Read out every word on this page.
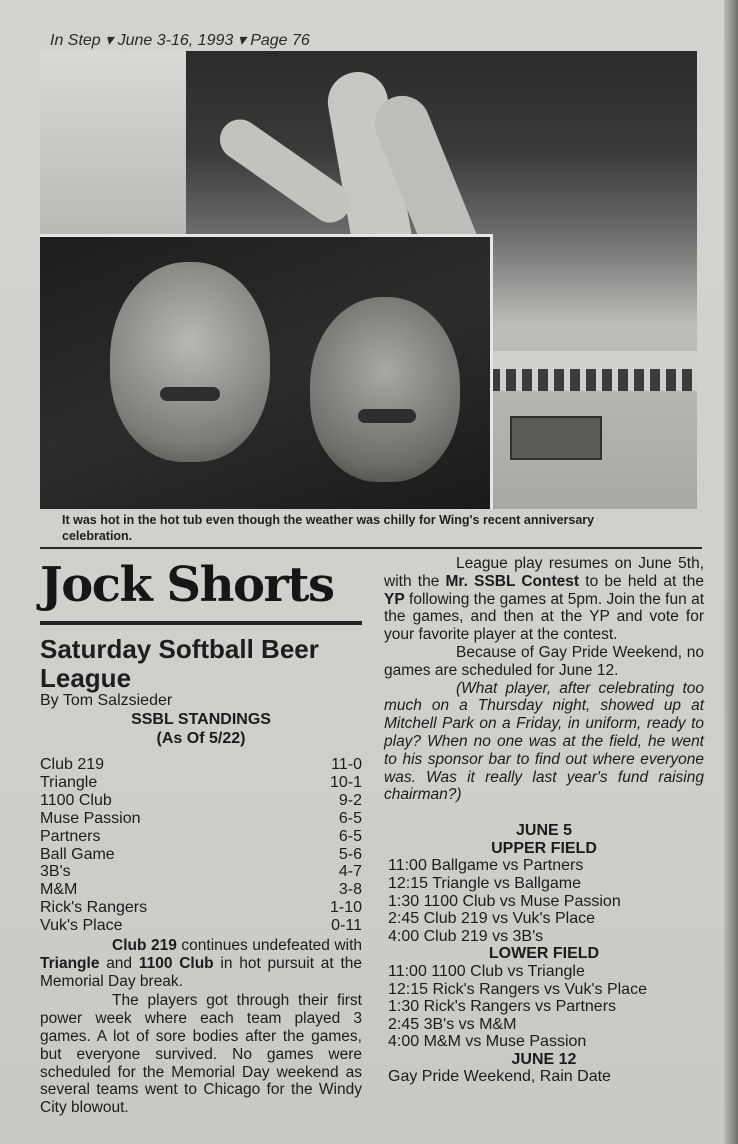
In Step ▾ June 3-16, 1993 ▾ Page 76
It was hot in the hot tub even though the weather was chilly for Wing's recent anniversary celebration.
Jock Shorts
Saturday Softball Beer League
By Tom Salzsieder
SSBL STANDINGS
(As Of 5/22)
Club 219	11-0
Triangle	10-1
1100 Club	9-2
Muse Passion	6-5
Partners	6-5
Ball Game	5-6
3B's	4-7
M&M	3-8
Rick's Rangers	1-10
Vuk's Place	0-11
Club 219 continues undefeated with Triangle and 1100 Club in hot pursuit at the Memorial Day break.
The players got through their first power week where each team played 3 games. A lot of sore bodies after the games, but everyone survived. No games were scheduled for the Memorial Day weekend as several teams went to Chicago for the Windy City blowout.

League play resumes on June 5th, with the Mr. SSBL Contest to be held at the YP following the games at 5pm. Join the fun at the games, and then at the YP and vote for your favorite player at the contest.

Because of Gay Pride Weekend, no games are scheduled for June 12.

(What player, after celebrating too much on a Thursday night, showed up at Mitchell Park on a Friday, in uniform, ready to play? When no one was at the field, he went to his sponsor bar to find out where everyone was. Was it really last year's fund raising chairman?)

JUNE 5
UPPER FIELD
11:00 Ballgame vs Partners
12:15 Triangle vs Ballgame
1:30 1100 Club vs Muse Passion
2:45 Club 219 vs Vuk's Place
4:00 Club 219 vs 3B's
LOWER FIELD
11:00 1100 Club vs Triangle
12:15 Rick's Rangers vs Vuk's Place
1:30 Rick's Rangers vs Partners
2:45 3B's vs M&M
4:00 M&M vs Muse Passion
JUNE 12
Gay Pride Weekend, Rain Date
